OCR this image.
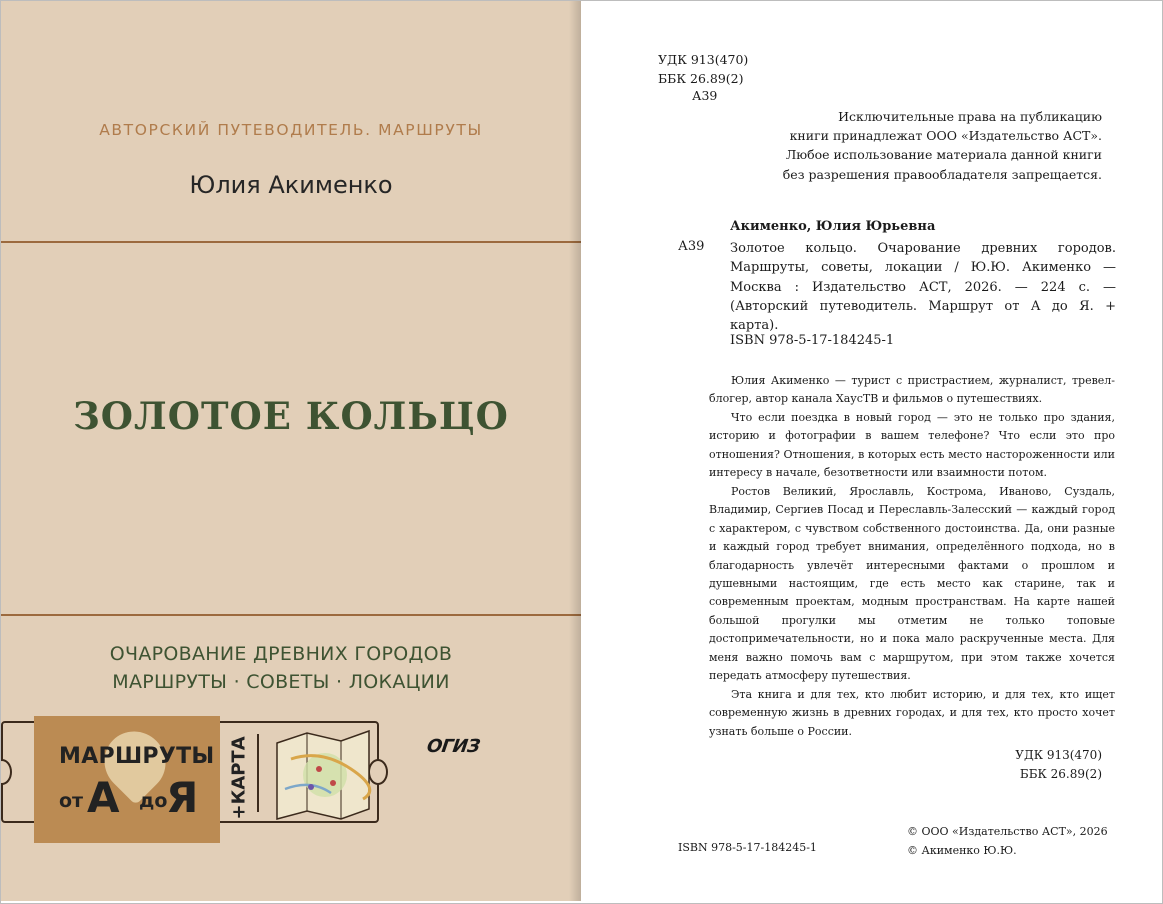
АВТОРСКИЙ ПУТЕВОДИТЕЛЬ. МАРШРУТЫ
Юлия Акименко
ЗОЛОТОЕ КОЛЬЦО
ОЧАРОВАНИЕ ДРЕВНИХ ГОРОДОВ
МАРШРУТЫ · СОВЕТЫ · ЛОКАЦИИ
МАРШРУТЫ
от А до
Я +КАРТА	ОГИЗ
УДК 913(470)
ББК 26.89(2)
А39
Исключительные права на публикацию
книги принадлежат ООО «Издательство АСТ».
Любое использование материала данной книги
без разрешения правообладателя запрещается.
Акименко, Юлия Юрьевна
А39 Золотое кольцо. Очарование древних городов. Маршруты, советы, локации / Ю.Ю. Акименко — Москва : Издательство АСТ, 2026. — 224 с. — (Авторский путеводитель. Маршрут от А до Я. + карта).
ISBN 978-5-17-184245-1

Юлия Акименко — турист с пристрастием, журналист, тревел-блогер, автор канала ХаусТВ и фильмов о путешествиях.

Что если поездка в новый город — это не только про здания, историю и фотографии в вашем телефоне? Что если это про отношения? Отношения, в которых есть место настороженности или интересу в начале, безответности или взаимности потом.

Ростов Великий, Ярославль, Кострома, Иваново, Суздаль, Владимир, Сергиев Посад и Переславль-Залесский — каждый город с характером, с чувством собственного достоинства. Да, они разные и каждый город требует внимания, определённого подхода, но в благодарность увлечёт интересными фактами о прошлом и душевными настоящим, где есть место как старине, так и современным проектам, модным пространствам. На карте нашей большой прогулки мы отметим не только топовые достопримечательности, но и пока мало раскрученные места. Для меня важно помочь вам с маршрутом, при этом также хочется передать атмосферу путешествия.

Эта книга и для тех, кто любит историю, и для тех, кто ищет современную жизнь в древних городах, и для тех, кто просто хочет узнать больше о России.

УДК 913(470)
ББК 26.89(2)
ISBN 978-5-17-184245-1
© ООО «Издательство АСТ», 2026
© Акименко Ю.Ю.
